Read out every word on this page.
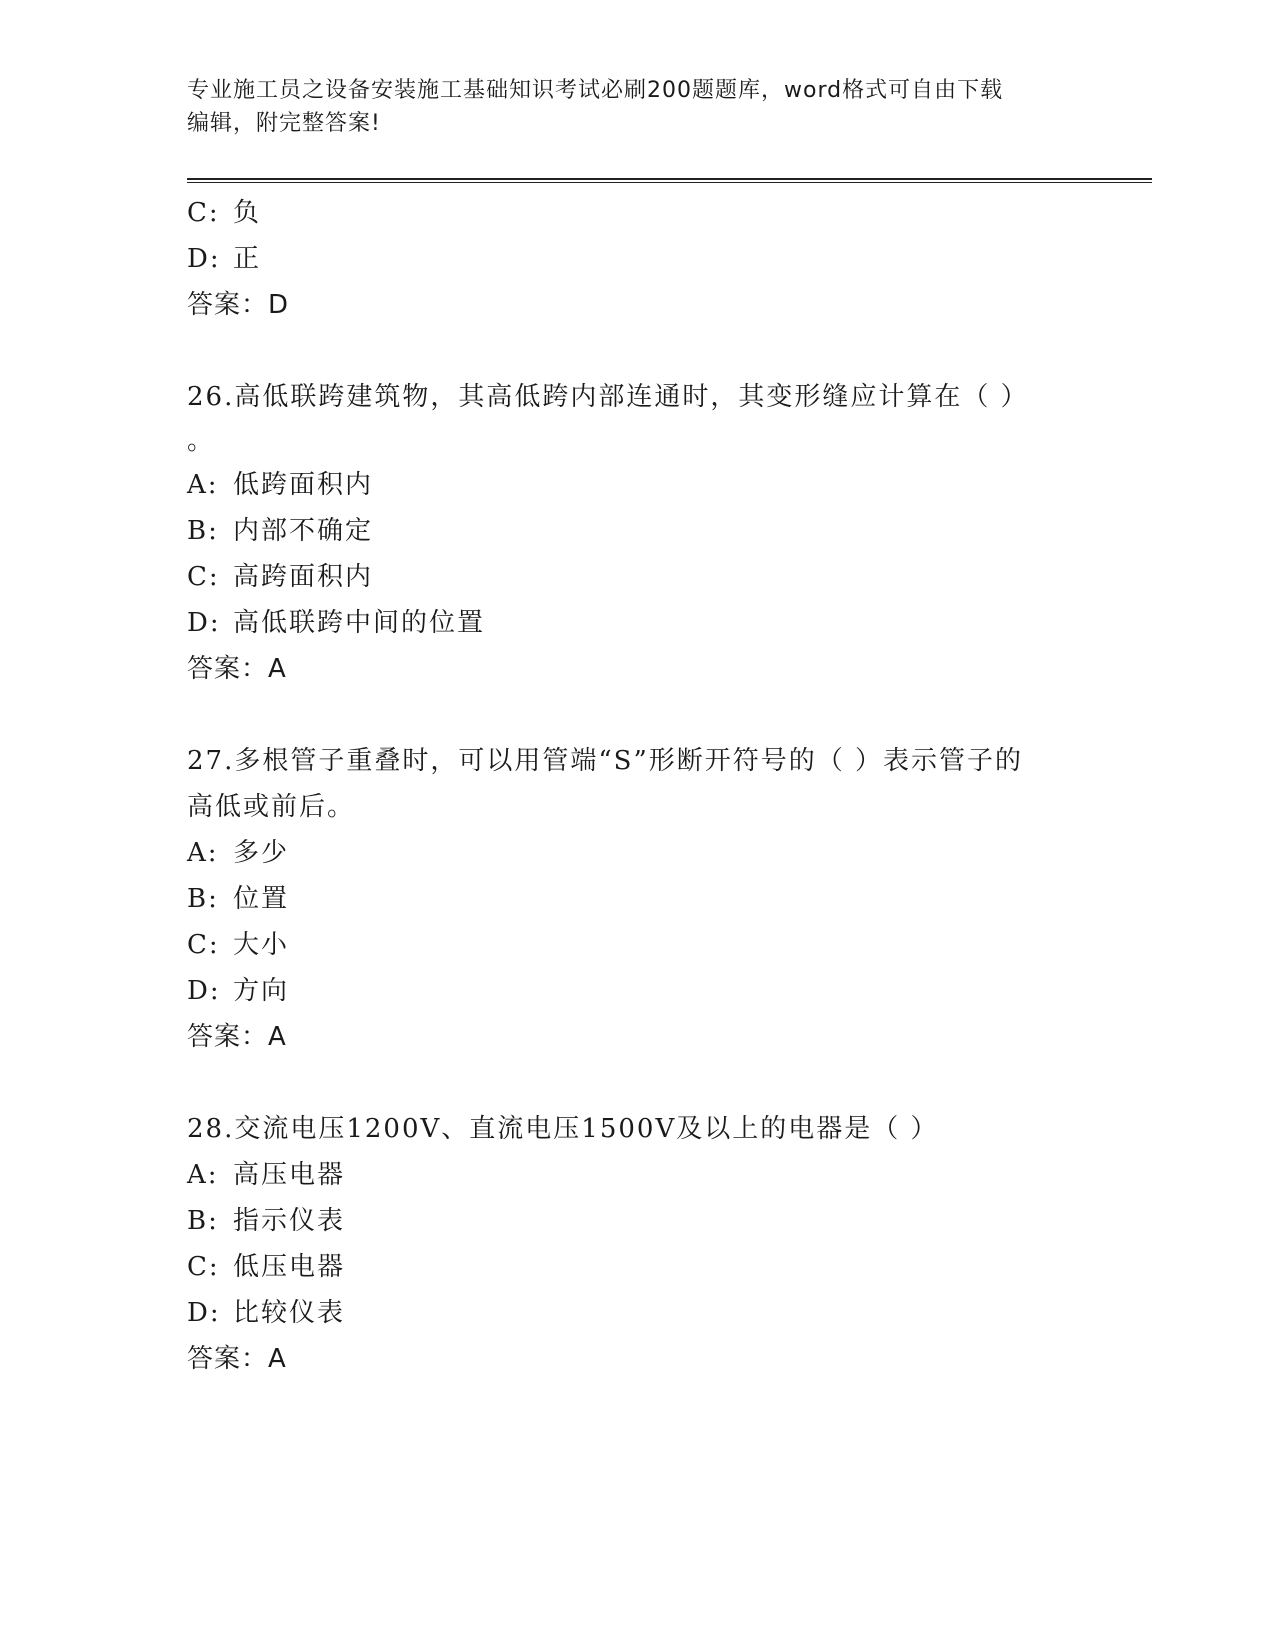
专业施工员之设备安装施工基础知识考试必刷200题题库，word格式可自由下载
编辑，附完整答案!
C: 负
D: 正
答案：D
26.高低联跨建筑物，其高低跨内部连通时，其变形缝应计算在（ ）
。
A: 低跨面积内
B: 内部不确定
C: 高跨面积内
D: 高低联跨中间的位置
答案：A
27.多根管子重叠时，可以用管端“S”形断开符号的（ ）表示管子的
高低或前后。
A: 多少
B: 位置
C: 大小
D: 方向
答案：A
28.交流电压1200V、直流电压1500V及以上的电器是（ ）
A: 高压电器
B: 指示仪表
C: 低压电器
D: 比较仪表
答案：A
